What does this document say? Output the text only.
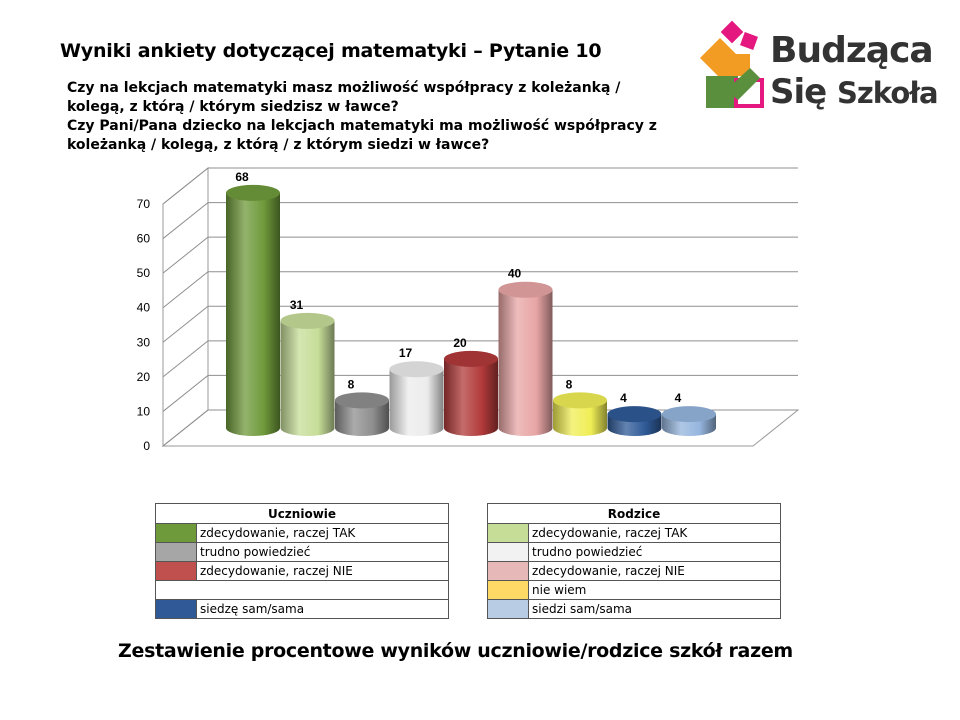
Wyniki ankiety dotyczącej matematyki – Pytanie 10
Czy na lekcjach matematyki masz możliwość współpracy z koleżanką /
kolegą, z którą / którym siedzisz w ławce?
Czy Pani/Pana dziecko na lekcjach matematyki ma możliwość współpracy z
koleżanką / kolegą, z którą / z którym siedzi w ławce?
Budząca
Się Szkoła
0
10
20
30
40
50
60
70
68
31
8
17
20
40
8
4	4
Uczniowie	
	zdecydowanie, raczej TAK
	trudno powiedzieć
	zdecydowanie, raczej NIE

	siedzę sam/sama
Rodzice	
	zdecydowanie, raczej TAK
	trudno powiedzieć
	zdecydowanie, raczej NIE
	nie wiem
	siedzi sam/sama
Zestawienie procentowe wyników uczniowie/rodzice szkół razem
